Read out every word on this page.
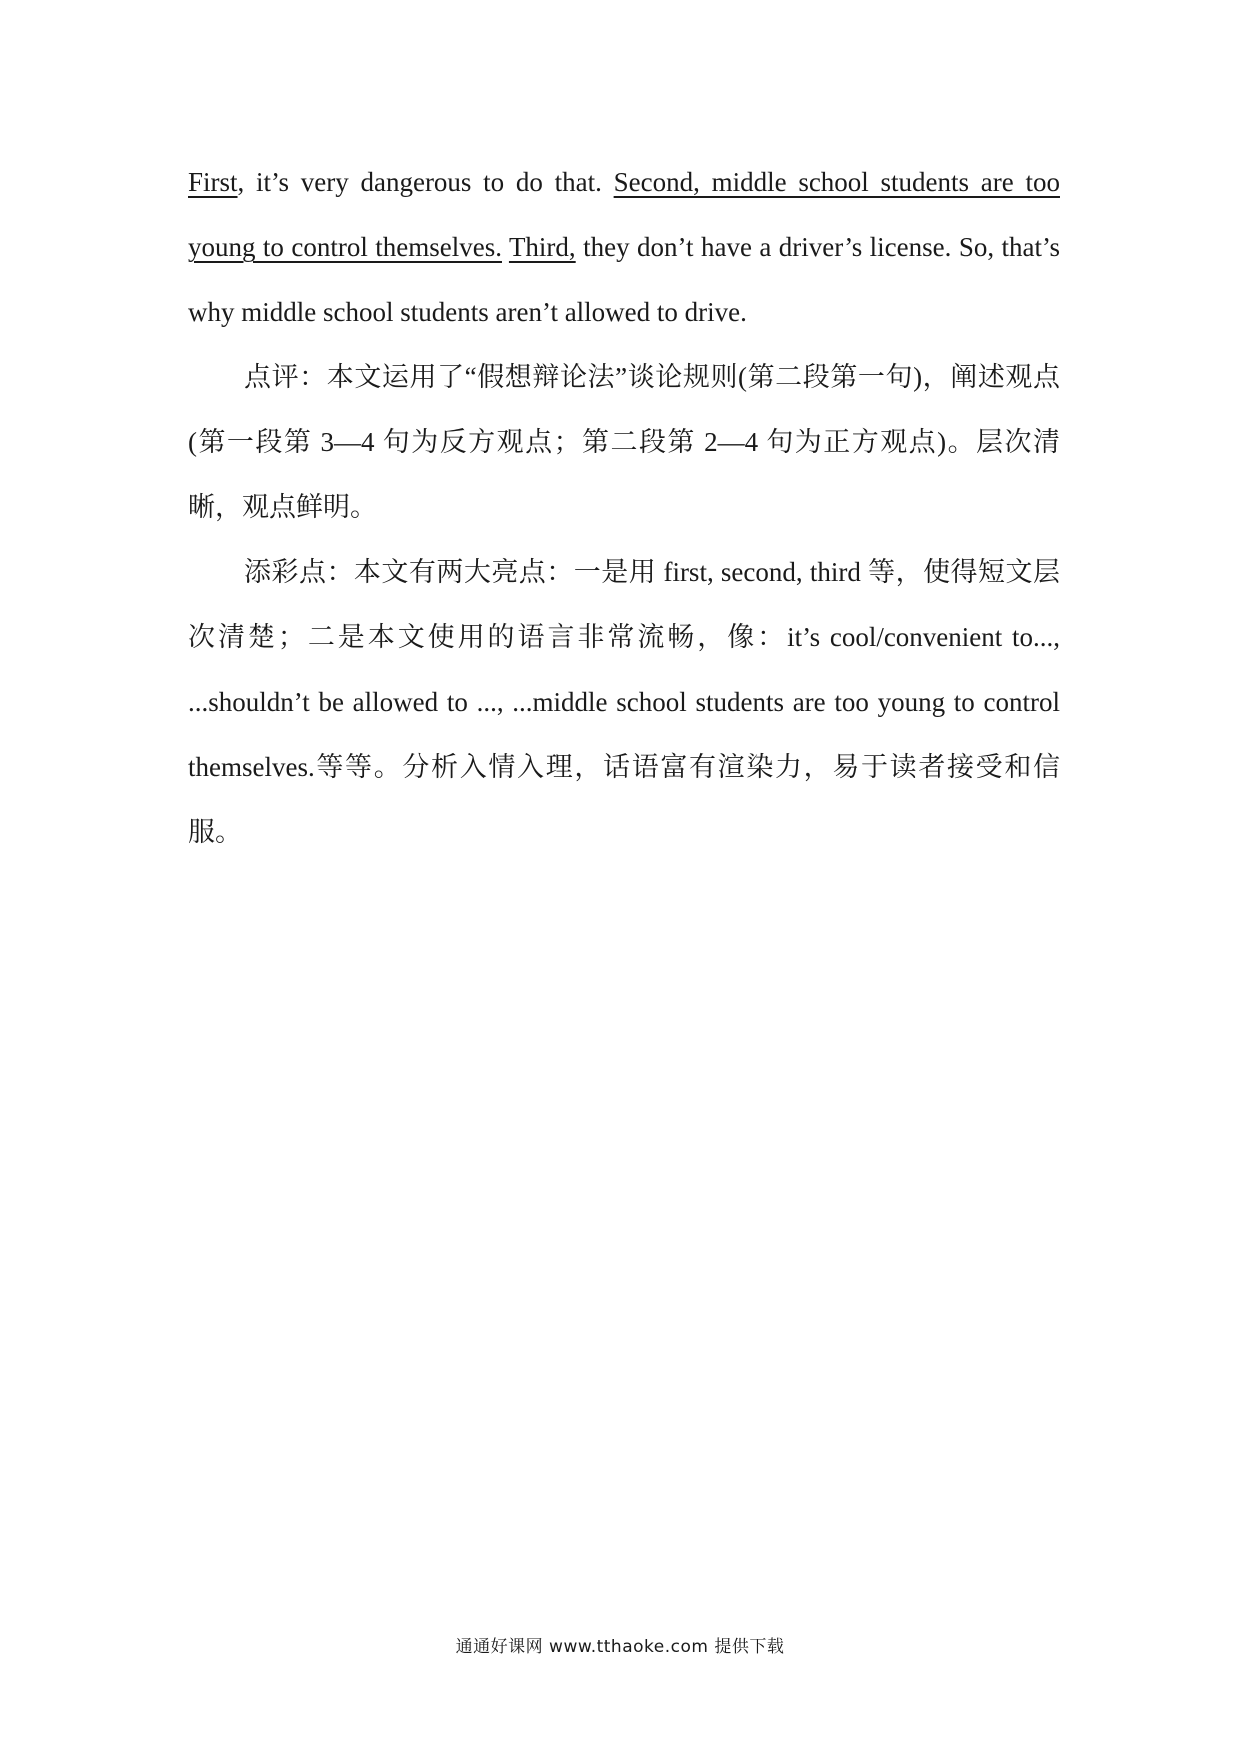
First, it’s very dangerous to do that. Second, middle school students are too young to control themselves. Third, they don’t have a driver’s license. So, that’s why middle school students aren’t allowed to drive.

点评：本文运用了“假想辩论法”谈论规则(第二段第一句)，阐述观点(第一段第 3—4 句为反方观点；第二段第 2—4 句为正方观点)。层次清晰，观点鲜明。

添彩点：本文有两大亮点：一是用 first, second, third 等，使得短文层次清楚；二是本文使用的语言非常流畅，像：it’s cool/convenient to..., ...shouldn’t be allowed to ..., ...middle school students are too young to control themselves.等等。分析入情入理，话语富有渲染力，易于读者接受和信服。

通通好课网 www.tthaoke.com 提供下载
